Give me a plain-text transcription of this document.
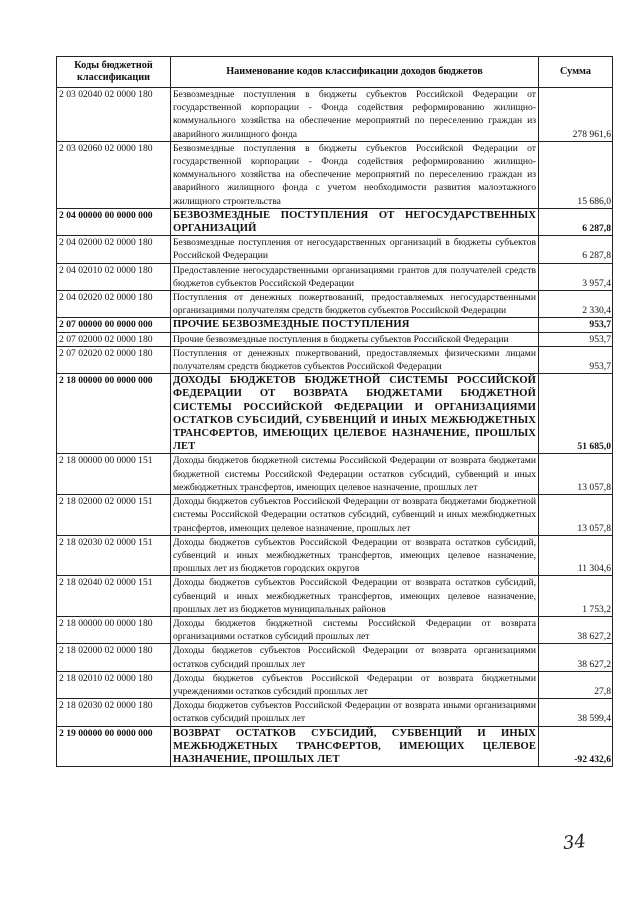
Коды бюджетной классификации	Наименование кодов классификации доходов бюджетов	Сумма
2 03 02040 02 0000 180	Безвозмездные поступления в бюджеты субъектов Российской Федерации от государственной корпорации - Фонда содействия реформированию жилищно-коммунального хозяйства на обеспечение мероприятий по переселению граждан из аварийного жилищного фонда	278 961,6
2 03 02060 02 0000 180	Безвозмездные поступления в бюджеты субъектов Российской Федерации от государственной корпорации - Фонда содействия реформированию жилищно-коммунального хозяйства на обеспечение мероприятий по переселению граждан из аварийного жилищного фонда с учетом необходимости развития малоэтажного жилищного строительства	15 686,0
2 04 00000 00 0000 000	БЕЗВОЗМЕЗДНЫЕ ПОСТУПЛЕНИЯ ОТ НЕГОСУДАРСТВЕННЫХ ОРГАНИЗАЦИЙ	6 287,8
2 04 02000 02 0000 180	Безвозмездные поступления от негосударственных организаций в бюджеты субъектов Российской Федерации	6 287,8
2 04 02010 02 0000 180	Предоставление негосударственными организациями грантов для получателей средств бюджетов субъектов Российской Федерации	3 957,4
2 04 02020 02 0000 180	Поступления от денежных пожертвований, предоставляемых негосударственными организациями получателям средств бюджетов субъектов Российской Федерации	2 330,4
2 07 00000 00 0000 000	ПРОЧИЕ БЕЗВОЗМЕЗДНЫЕ ПОСТУПЛЕНИЯ	953,7
2 07 02000 02 0000 180	Прочие безвозмездные поступления в бюджеты субъектов Российской Федерации	953,7
2 07 02020 02 0000 180	Поступления от денежных пожертвований, предоставляемых физическими лицами получателям средств бюджетов субъектов Российской Федерации	953,7
2 18 00000 00 0000 000	ДОХОДЫ БЮДЖЕТОВ БЮДЖЕТНОЙ СИСТЕМЫ РОССИЙСКОЙ ФЕДЕРАЦИИ ОТ ВОЗВРАТА БЮДЖЕТАМИ БЮДЖЕТНОЙ СИСТЕМЫ РОССИЙСКОЙ ФЕДЕРАЦИИ И ОРГАНИЗАЦИЯМИ ОСТАТКОВ СУБСИДИЙ, СУБВЕНЦИЙ И ИНЫХ МЕЖБЮДЖЕТНЫХ ТРАНСФЕРТОВ, ИМЕЮЩИХ ЦЕЛЕВОЕ НАЗНАЧЕНИЕ, ПРОШЛЫХ ЛЕТ	51 685,0
2 18 00000 00 0000 151	Доходы бюджетов бюджетной системы Российской Федерации от возврата бюджетами бюджетной системы Российской Федерации остатков субсидий, субвенций и иных межбюджетных трансфертов, имеющих целевое назначение, прошлых лет	13 057,8
2 18 02000 02 0000 151	Доходы бюджетов субъектов Российской Федерации от возврата бюджетами бюджетной системы Российской Федерации остатков субсидий, субвенций и иных межбюджетных трансфертов, имеющих целевое назначение, прошлых лет	13 057,8
2 18 02030 02 0000 151	Доходы бюджетов субъектов Российской Федерации от возврата остатков субсидий, субвенций и иных межбюджетных трансфертов, имеющих целевое назначение, прошлых лет из бюджетов городских округов	11 304,6
2 18 02040 02 0000 151	Доходы бюджетов субъектов Российской Федерации от возврата остатков субсидий, субвенций и иных межбюджетных трансфертов, имеющих целевое назначение, прошлых лет из бюджетов муниципальных районов	1 753,2
2 18 00000 00 0000 180	Доходы бюджетов бюджетной системы Российской Федерации от возврата организациями остатков субсидий прошлых лет	38 627,2
2 18 02000 02 0000 180	Доходы бюджетов субъектов Российской Федерации от возврата организациями остатков субсидий прошлых лет	38 627,2
2 18 02010 02 0000 180	Доходы бюджетов субъектов Российской Федерации от возврата бюджетными учреждениями остатков субсидий прошлых лет	27,8
2 18 02030 02 0000 180	Доходы бюджетов субъектов Российской Федерации от возврата иными организациями остатков субсидий прошлых лет	38 599,4
2 19 00000 00 0000 000	ВОЗВРАТ ОСТАТКОВ СУБСИДИЙ, СУБВЕНЦИЙ И ИНЫХ МЕЖБЮДЖЕТНЫХ ТРАНСФЕРТОВ, ИМЕЮЩИХ ЦЕЛЕВОЕ НАЗНАЧЕНИЕ, ПРОШЛЫХ ЛЕТ	-92 432,6
34
